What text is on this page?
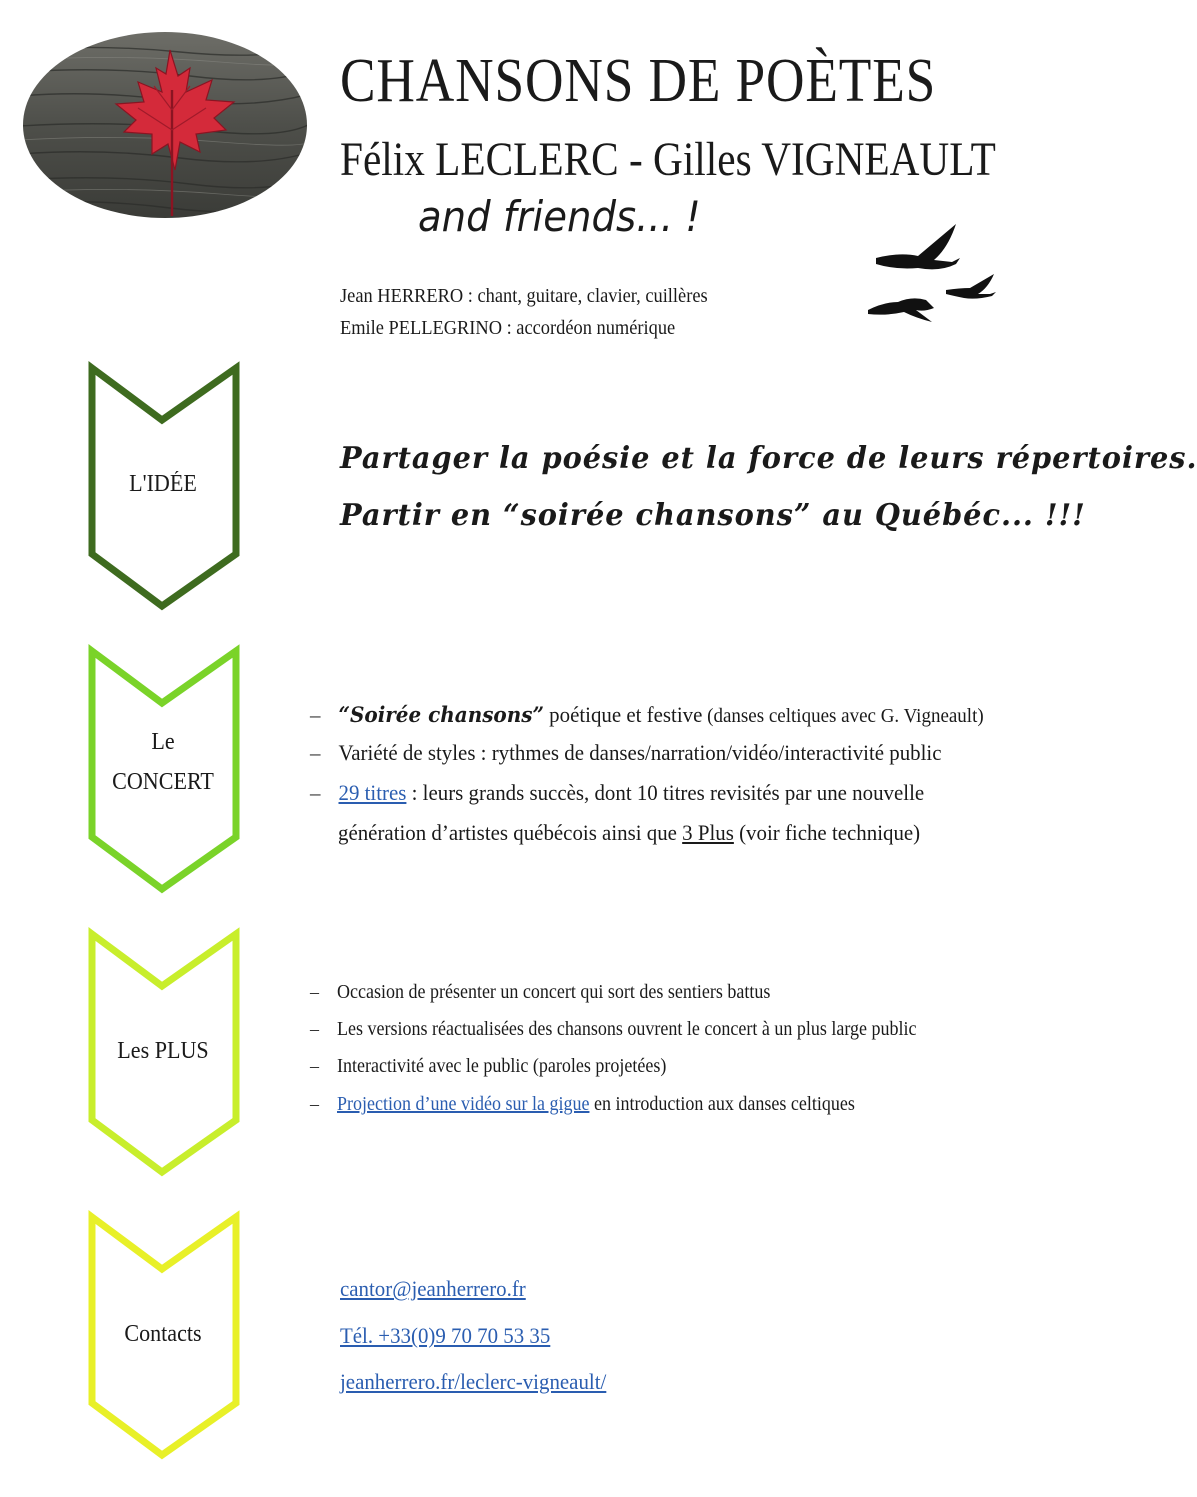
CHANSONS DE POÈTES
Félix LECLERC - Gilles VIGNEAULT
and friends... !
Jean HERRERO : chant, guitare, clavier, cuillères
Emile PELLEGRINO : accordéon numérique
L'IDÉE
Partager la poésie et la force de leurs répertoires.
Partir en “soirée chansons” au Québéc... !!!
Le
CONCERT
– “Soirée chansons” poétique et festive (danses celtiques avec G. Vigneault)
– Variété de styles : rythmes de danses/narration/vidéo/interactivité public
– 29 titres : leurs grands succès, dont 10 titres revisités par une nouvelle
génération d’artistes québécois ainsi que 3 Plus (voir fiche technique)
Les PLUS
– Occasion de présenter un concert qui sort des sentiers battus
– Les versions réactualisées des chansons ouvrent le concert à un plus large public
– Interactivité avec le public (paroles projetées)
– Projection d’une vidéo sur la gigue en introduction aux danses celtiques
Contacts
cantor@jeanherrero.fr
Tél. +33(0)9 70 70 53 35
jeanherrero.fr/leclerc-vigneault/
